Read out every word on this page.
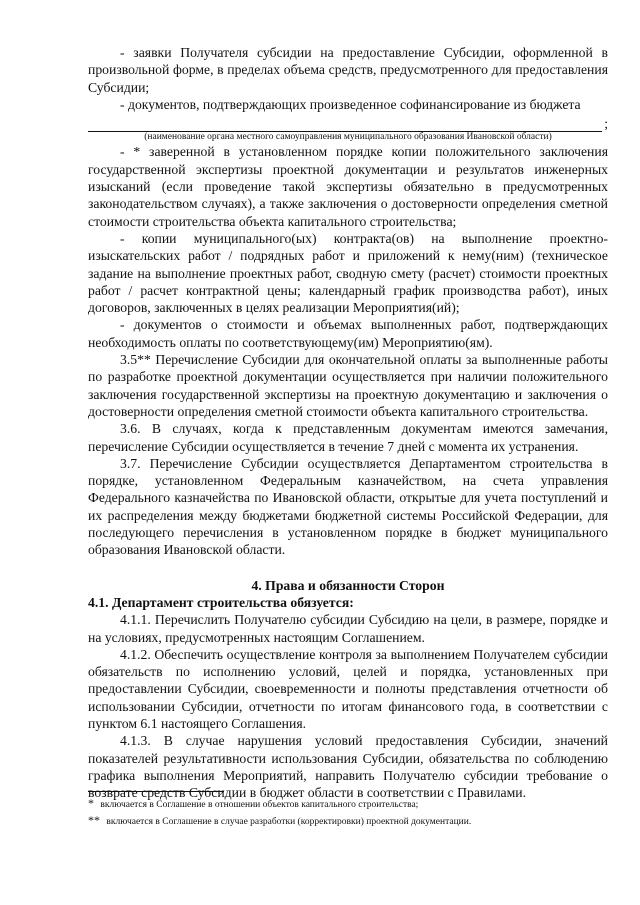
- заявки Получателя субсидии на предоставление Субсидии, оформленной в произвольной форме, в пределах объема средств, предусмотренного для предоставления Субсидии;

- документов, подтверждающих произведенное софинансирование из бюджета

;

(наименование органа местного самоуправления муниципального образования Ивановской области)

- * заверенной в установленном порядке копии положительного заключения государственной экспертизы проектной документации и результатов инженерных изысканий (если проведение такой экспертизы обязательно в предусмотренных законодательством случаях), а также заключения о достоверности определения сметной стоимости строительства объекта капитального строительства;

- копии муниципального(ых) контракта(ов) на выполнение проектно-изыскательских работ / подрядных работ и приложений к нему(ним) (техническое задание на выполнение проектных работ, сводную смету (расчет) стоимости проектных работ / расчет контрактной цены; календарный график производства работ), иных договоров, заключенных в целях реализации Мероприятия(ий);

- документов о стоимости и объемах выполненных работ, подтверждающих необходимость оплаты по соответствующему(им) Мероприятию(ям).

3.5** Перечисление Субсидии для окончательной оплаты за выполненные работы по разработке проектной документации осуществляется при наличии положительного заключения государственной экспертизы на проектную документацию и заключения о достоверности определения сметной стоимости объекта капитального строительства.

3.6. В случаях, когда к представленным документам имеются замечания, перечисление Субсидии осуществляется в течение 7 дней с момента их устранения.

3.7. Перечисление Субсидии осуществляется Департаментом строительства в порядке, установленном Федеральным казначейством, на счета управления Федерального казначейства по Ивановской области, открытые для учета поступлений и их распределения между бюджетами бюджетной системы Российской Федерации, для последующего перечисления в установленном порядке в бюджет муниципального образования Ивановской области.

4. Права и обязанности Сторон

4.1. Департамент строительства обязуется:

4.1.1. Перечислить Получателю субсидии Субсидию на цели, в размере, порядке и на условиях, предусмотренных настоящим Соглашением.

4.1.2. Обеспечить осуществление контроля за выполнением Получателем субсидии обязательств по исполнению условий, целей и порядка, установленных при предоставлении Субсидии, своевременности и полноты представления отчетности об использовании Субсидии, отчетности по итогам финансового года, в соответствии с пунктом 6.1 настоящего Соглашения.

4.1.3. В случае нарушения условий предоставления Субсидии, значений показателей результативности использования Субсидии, обязательства по соблюдению графика выполнения Мероприятий, направить Получателю субсидии требование о возврате средств Субсидии в бюджет области в соответствии с Правилами.

* включается в Соглашение в отношении объектов капитального строительства;
** включается в Соглашение в случае разработки (корректировки) проектной документации.
